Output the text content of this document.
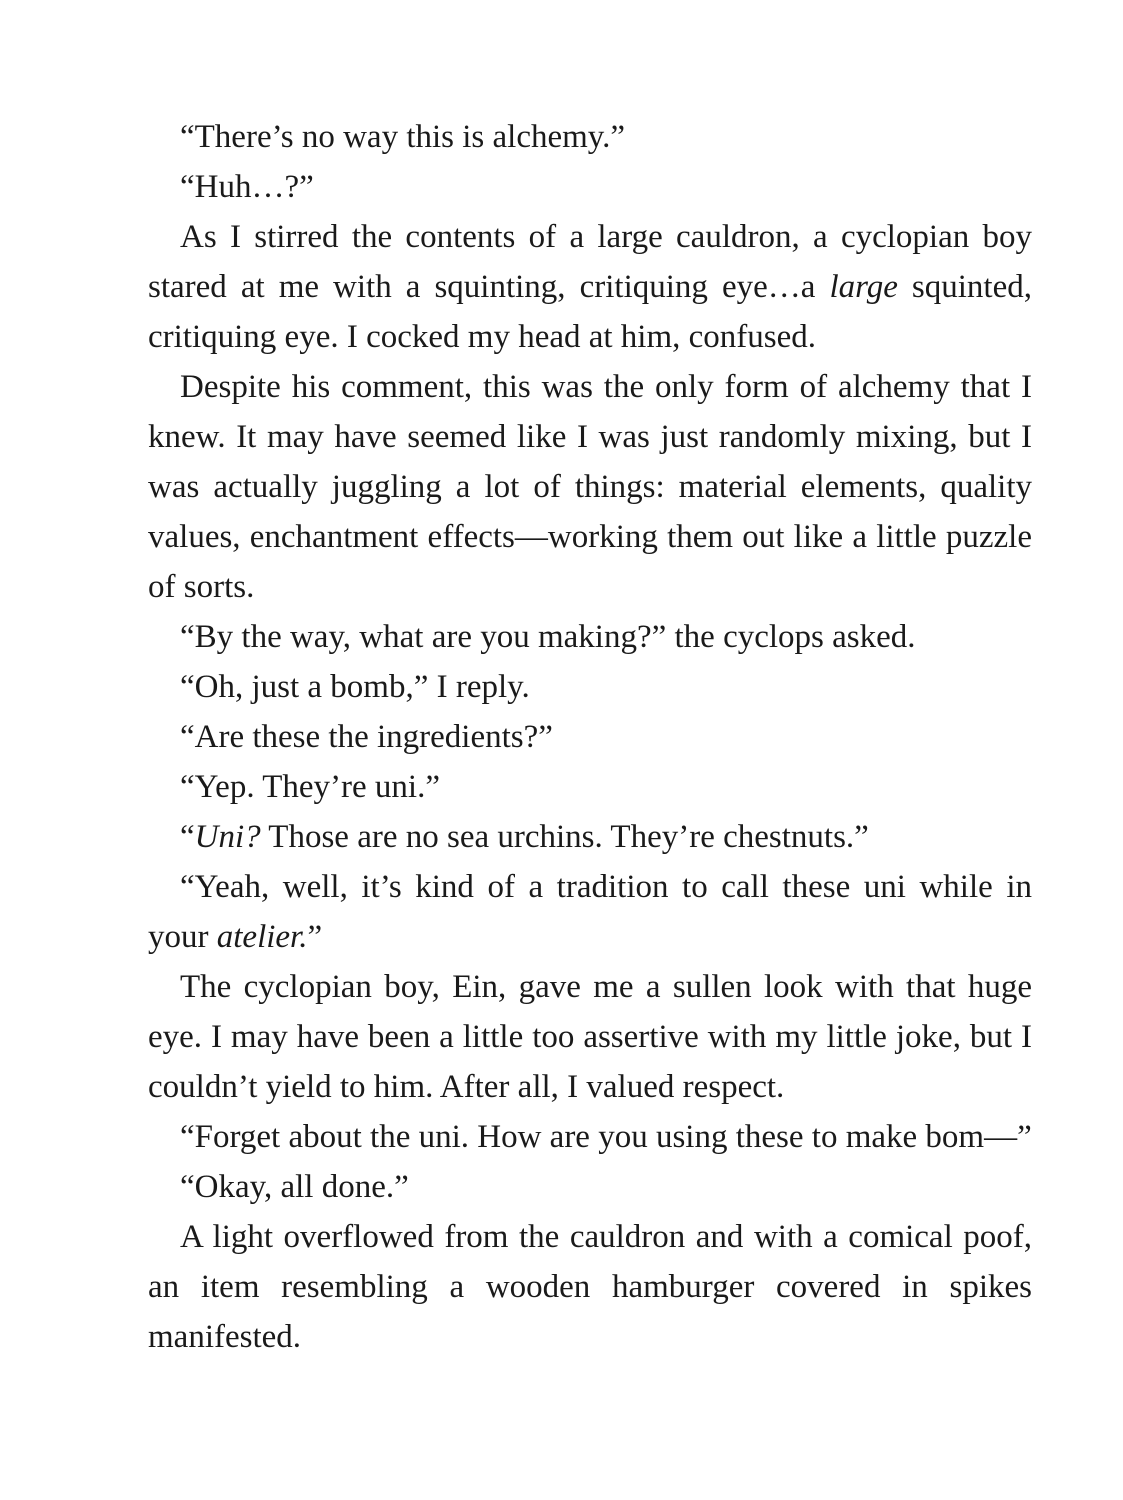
“There’s no way this is alchemy.”

“Huh…?”

As I stirred the contents of a large cauldron, a cyclopian boy stared at me with a squinting, critiquing eye…a large squinted, critiquing eye. I cocked my head at him, confused.

Despite his comment, this was the only form of alchemy that I knew. It may have seemed like I was just randomly mixing, but I was actually juggling a lot of things: material elements, quality values, enchantment effects—working them out like a little puzzle of sorts.

“By the way, what are you making?” the cyclops asked.

“Oh, just a bomb,” I reply.

“Are these the ingredients?”

“Yep. They’re uni.”

“Uni? Those are no sea urchins. They’re chestnuts.”

“Yeah, well, it’s kind of a tradition to call these uni while in your atelier.”

The cyclopian boy, Ein, gave me a sullen look with that huge eye. I may have been a little too assertive with my little joke, but I couldn’t yield to him. After all, I valued respect.

“Forget about the uni. How are you using these to make bom—”

“Okay, all done.”

A light overflowed from the cauldron and with a comical poof, an item resembling a wooden hamburger covered in spikes manifested.
